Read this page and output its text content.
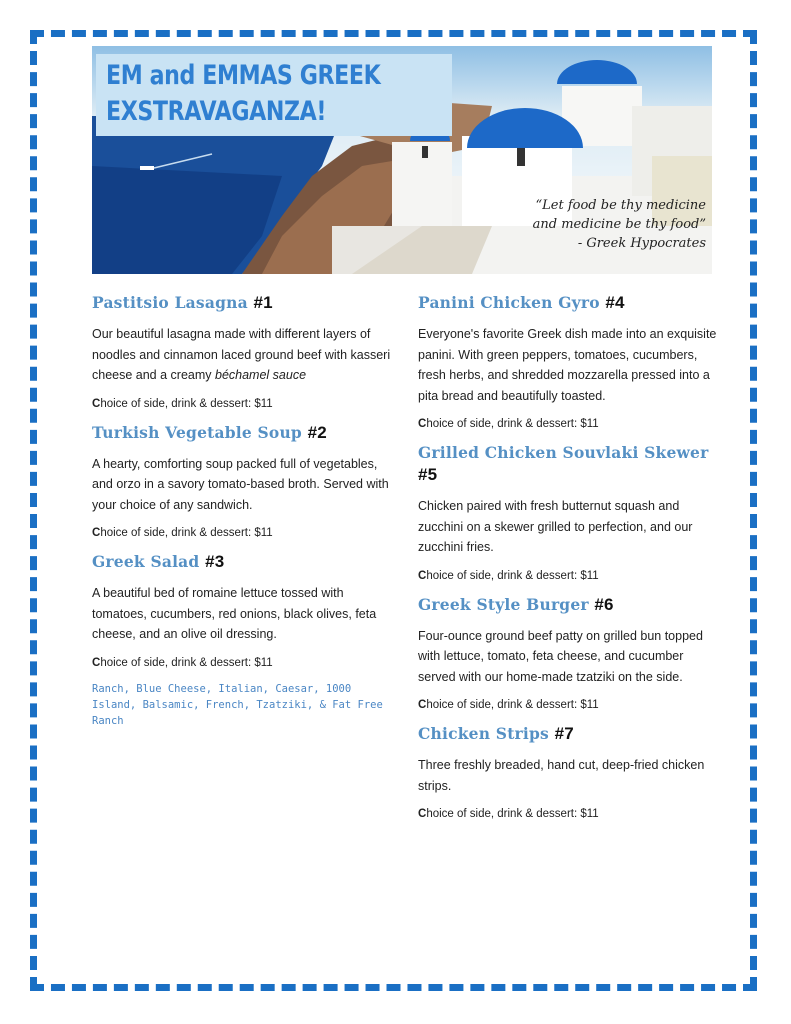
EM and EMMAS GREEK
EXSTRAVAGANZA!
“Let food be thy medicine
and medicine be thy food”
- Greek Hypocrates
Pastitsio Lasagna #1
Our beautiful lasagna made with different layers of noodles and cinnamon laced ground beef with kasseri cheese and a creamy béchamel sauce
Choice of side, drink & dessert: $11
Turkish Vegetable Soup #2
A hearty, comforting soup packed full of vegetables, and orzo in a savory tomato-based broth. Served with your choice of any sandwich.
Choice of side, drink & dessert: $11
Greek Salad #3
A beautiful bed of romaine lettuce tossed with tomatoes, cucumbers, red onions, black olives, feta cheese, and an olive oil dressing.
Choice of side, drink & dessert: $11
Ranch, Blue Cheese, Italian, Caesar, 1000 Island, Balsamic, French, Tzatziki, & Fat Free Ranch
Panini Chicken Gyro #4
Everyone's favorite Greek dish made into an exquisite panini. With green peppers, tomatoes, cucumbers, fresh herbs, and shredded mozzarella pressed into a pita bread and beautifully toasted.
Choice of side, drink & dessert: $11
Grilled Chicken Souvlaki Skewer #5
Chicken paired with fresh butternut squash and zucchini on a skewer grilled to perfection, and our zucchini fries.
Choice of side, drink & dessert: $11
Greek Style Burger #6
Four-ounce ground beef patty on grilled bun topped with lettuce, tomato, feta cheese, and cucumber served with our home-made tzatziki on the side.
Choice of side, drink & dessert: $11
Chicken Strips #7
Three freshly breaded, hand cut, deep-fried chicken strips.
Choice of side, drink & dessert: $11
